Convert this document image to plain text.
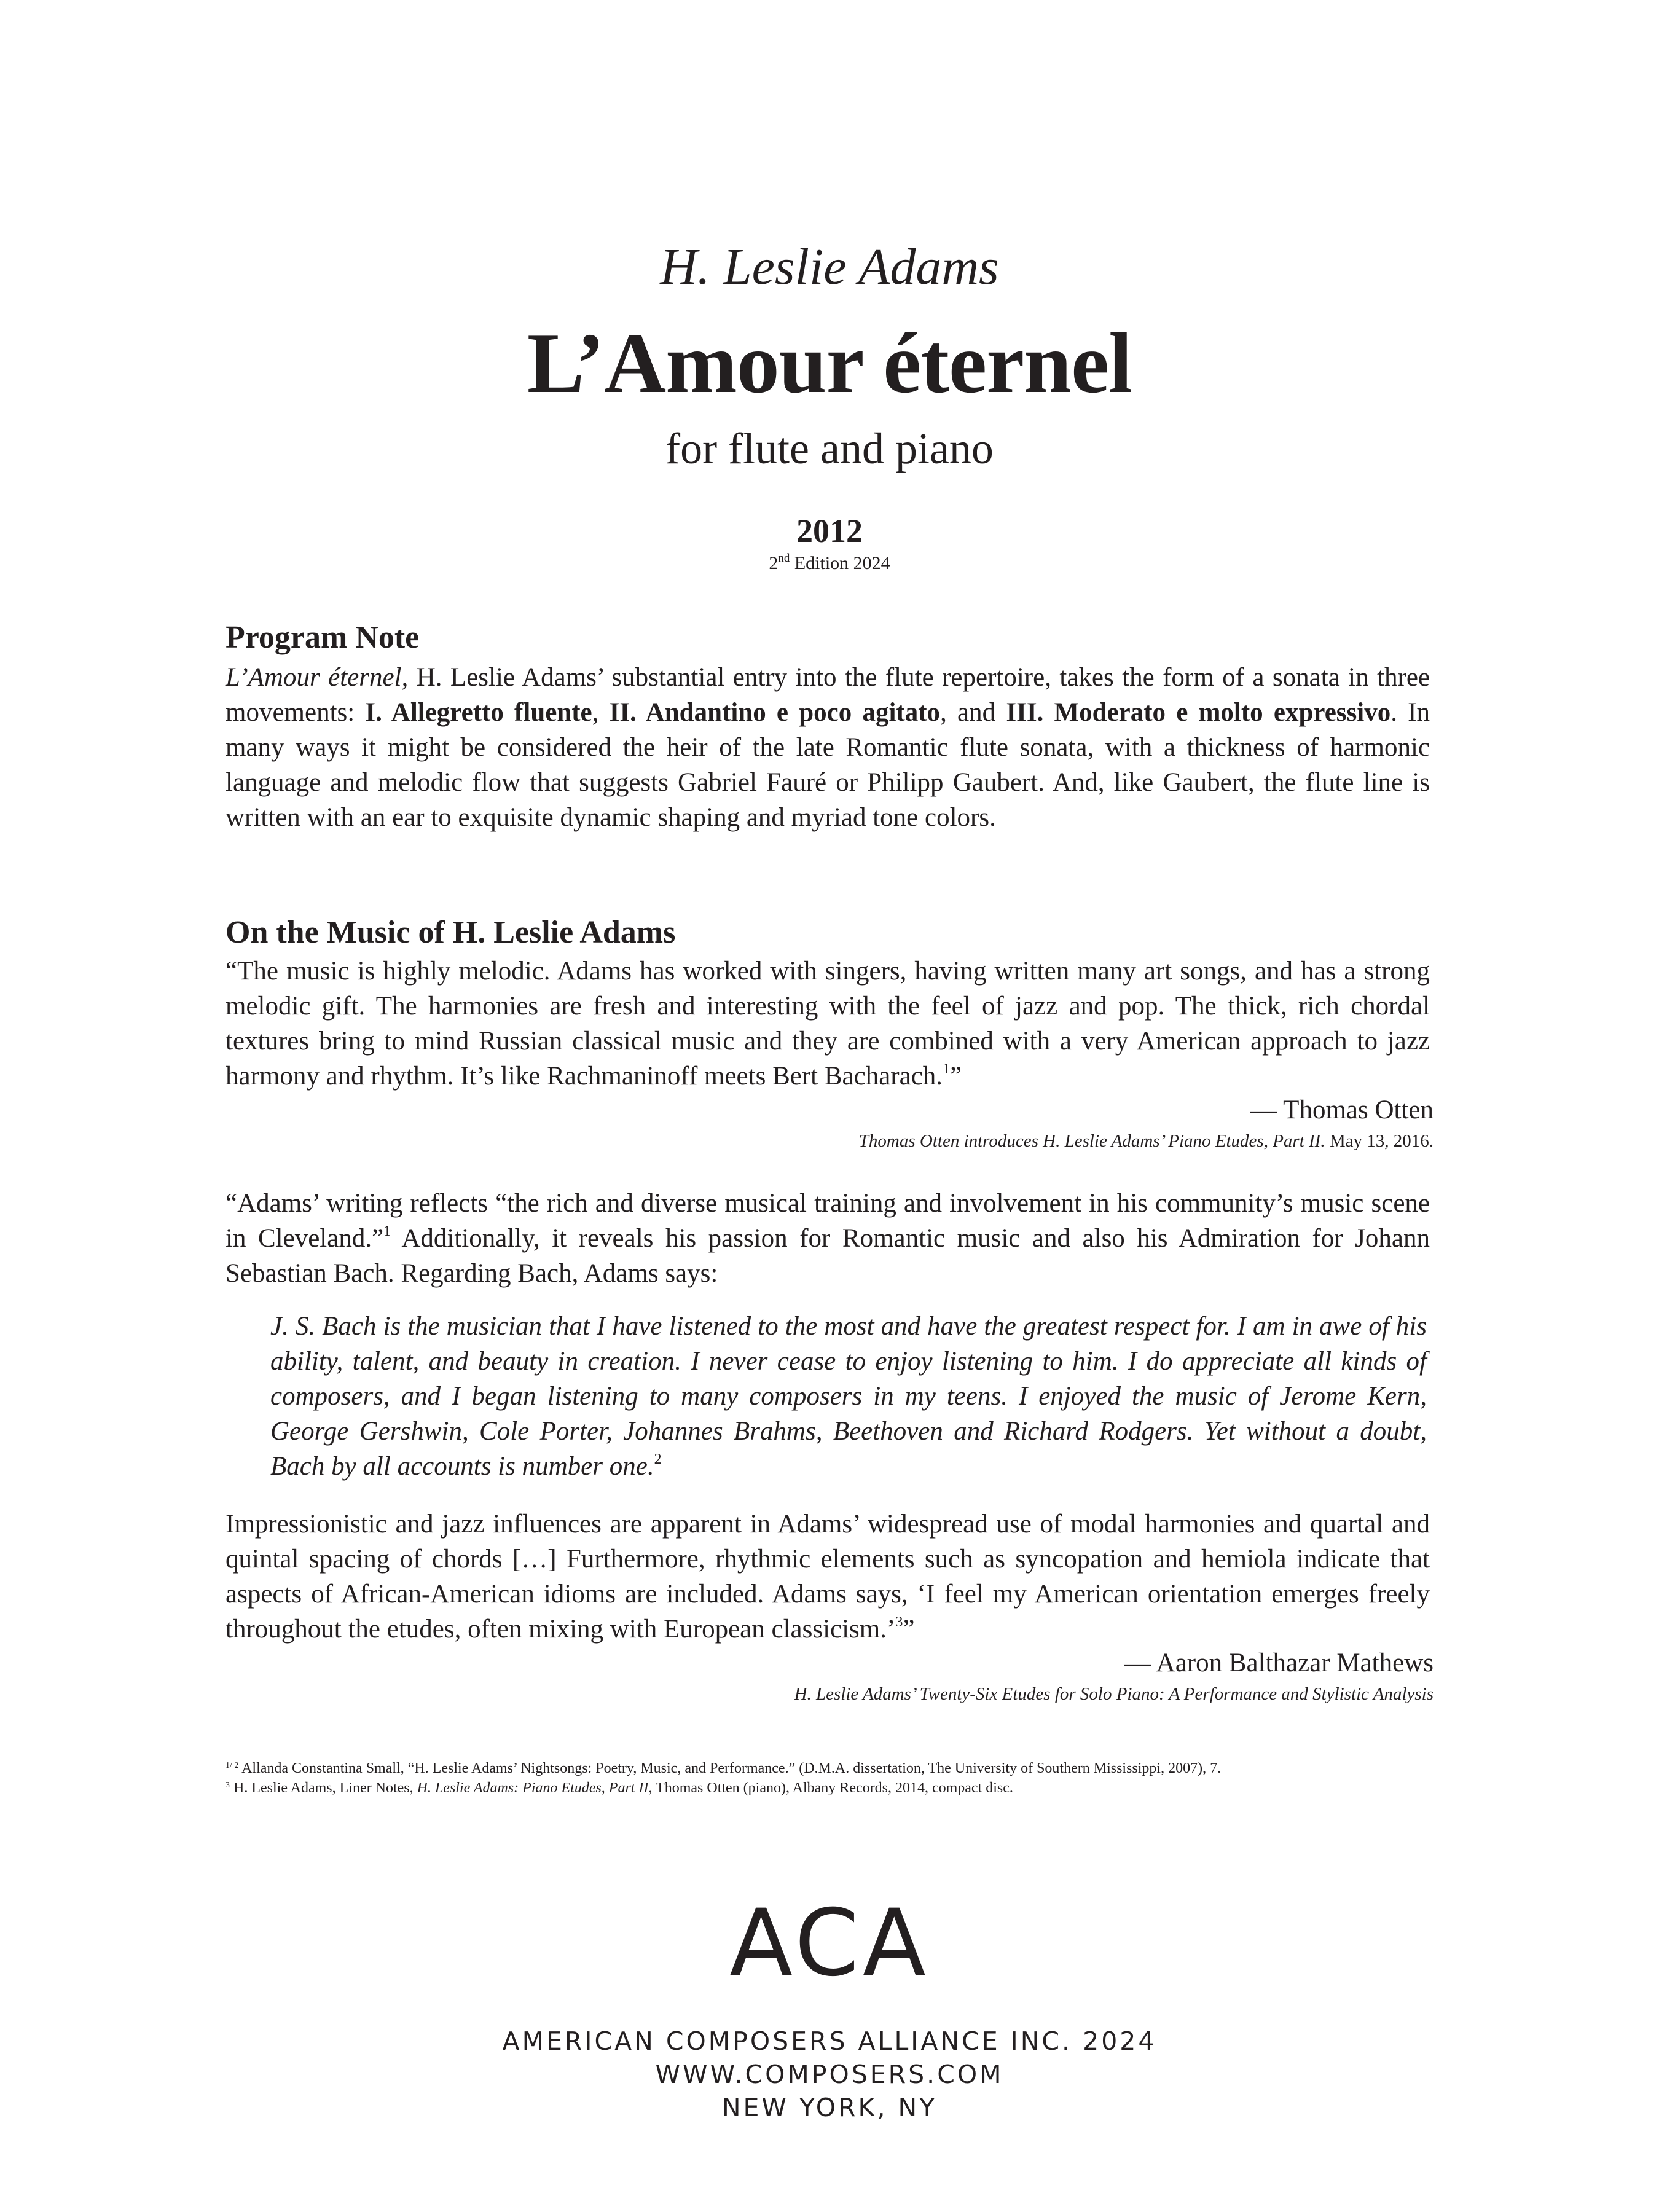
H. Leslie Adams
L’Amour éternel
for flute and piano
2012
2nd Edition 2024
Program Note

L’Amour éternel, H. Leslie Adams’ substantial entry into the flute repertoire, takes the form of a sonata in three movements: I. Allegretto fluente, II. Andantino e poco agitato, and III. Moderato e molto expressivo. In many ways it might be considered the heir of the late Romantic flute sonata, with a thickness of harmonic language and melodic flow that suggests Gabriel Fauré or Philipp Gaubert. And, like Gaubert, the flute line is written with an ear to exquisite dynamic shaping and myriad tone colors.

On the Music of H. Leslie Adams

“The music is highly melodic. Adams has worked with singers, having written many art songs, and has a strong melodic gift. The harmonies are fresh and interesting with the feel of jazz and pop. The thick, rich chordal textures bring to mind Russian classical music and they are combined with a very American approach to jazz harmony and rhythm. It’s like Rachmaninoff meets Bert Bacharach.$^1$”

— Thomas Otten
Thomas Otten introduces H. Leslie Adams’ Piano Etudes, Part II. May 13, 2016.

“Adams’ writing reflects “the rich and diverse musical training and involvement in his community’s music scene in Cleveland.”$^1$ Additionally, it reveals his passion for Romantic music and also his Admiration for Johann Sebastian Bach. Regarding Bach, Adams says:

J. S. Bach is the musician that I have listened to the most and have the greatest respect for. I am in awe of his ability, talent, and beauty in creation. I never cease to enjoy listening to him. I do appreciate all kinds of composers, and I began listening to many composers in my teens. I enjoyed the music of Jerome Kern, George Gershwin, Cole Porter, Johannes Brahms, Beethoven and Richard Rodgers. Yet without a doubt, Bach by all accounts is number one.$^2$

Impressionistic and jazz influences are apparent in Adams’ widespread use of modal harmonies and quartal and quintal spacing of chords […] Furthermore, rhythmic elements such as syncopation and hemiola indicate that aspects of African-American idioms are included. Adams says, ‘I feel my American orientation emerges freely throughout the etudes, often mixing with European classicism.’$^3$”

— Aaron Balthazar Mathews
H. Leslie Adams’ Twenty-Six Etudes for Solo Piano: A Performance and Stylistic Analysis
$^{1/ 2}$ Allanda Constantina Small, “H. Leslie Adams’ Nightsongs: Poetry, Music, and Performance.” (D.M.A. dissertation, The University of Southern Mississippi, 2007), 7.
$^3$ H. Leslie Adams, Liner Notes, H. Leslie Adams: Piano Etudes, Part II, Thomas Otten (piano), Albany Records, 2014, compact disc.
ACA
AMERICAN COMPOSERS ALLIANCE INC. 2024
WWW.COMPOSERS.COM
NEW YORK, NY
